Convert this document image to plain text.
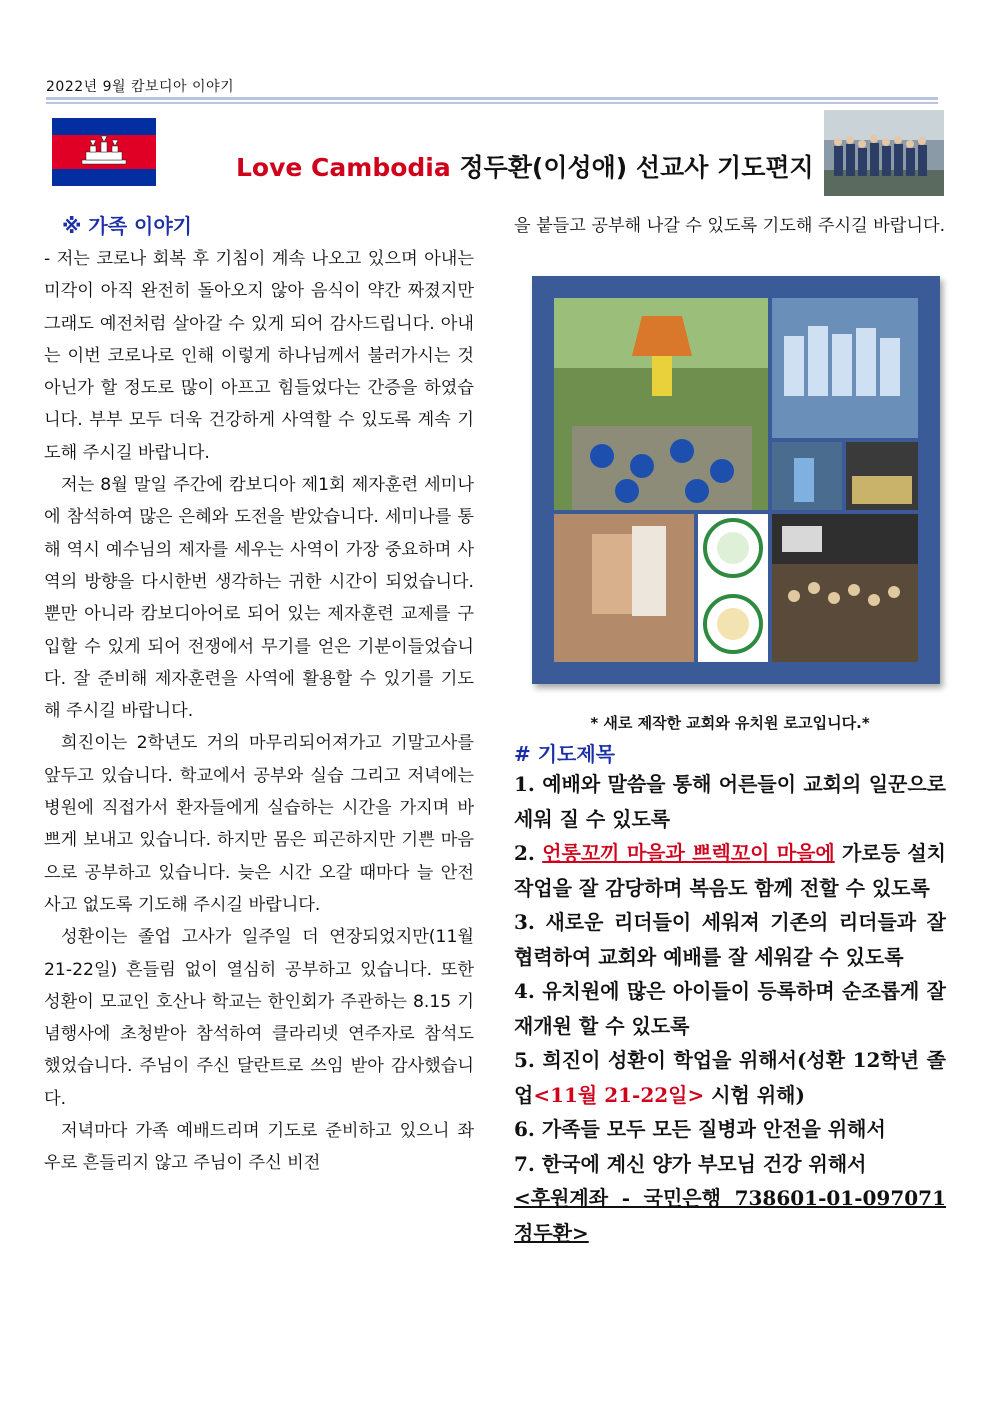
2022년 9월 캄보디아 이야기
Love Cambodia 정두환(이성애) 선교사 기도편지
※ 가족 이야기

- 저는 코로나 회복 후 기침이 계속 나오고 있으며 아내는 미각이 아직 완전히 돌아오지 않아 음식이 약간 짜졌지만 그래도 예전처럼 살아갈 수 있게 되어 감사드립니다. 아내는 이번 코로나로 인해 이렇게 하나님께서 불러가시는 것 아닌가 할 정도로 많이 아프고 힘들었다는 간증을 하였습니다. 부부 모두 더욱 건강하게 사역할 수 있도록 계속 기도해 주시길 바랍니다.

저는 8월 말일 주간에 캄보디아 제1회 제자훈련 세미나에 참석하여 많은 은혜와 도전을 받았습니다. 세미나를 통해 역시 예수님의 제자를 세우는 사역이 가장 중요하며 사역의 방향을 다시한번 생각하는 귀한 시간이 되었습니다. 뿐만 아니라 캄보디아어로 되어 있는 제자훈련 교제를 구입할 수 있게 되어 전쟁에서 무기를 얻은 기분이들었습니다. 잘 준비해 제자훈련을 사역에 활용할 수 있기를 기도해 주시길 바랍니다.

희진이는 2학년도 거의 마무리되어져가고 기말고사를 앞두고 있습니다. 학교에서 공부와 실습 그리고 저녁에는 병원에 직접가서 환자들에게 실습하는 시간을 가지며 바쁘게 보내고 있습니다. 하지만 몸은 피곤하지만 기쁜 마음으로 공부하고 있습니다. 늦은 시간 오갈 때마다 늘 안전사고 없도록 기도해 주시길 바랍니다.

성환이는 졸업 고사가 일주일 더 연장되었지만(11월 21-22일) 흔들림 없이 열심히 공부하고 있습니다. 또한 성환이 모교인 호산나 학교는 한인회가 주관하는 8.15 기념행사에 초청받아 참석하여 클라리넷 연주자로 참석도 했었습니다. 주님이 주신 달란트로 쓰임 받아 감사했습니다.

저녁마다 가족 예배드리며 기도로 준비하고 있으니 좌우로 흔들리지 않고 주님이 주신 비전

을 붙들고 공부해 나갈 수 있도록 기도해 주시길 바랍니다.

* 새로 제작한 교회와 유치원 로고입니다.*
# 기도제목

1. 예배와 말씀을 통해 어른들이 교회의 일꾼으로 세워 질 수 있도록

2. 언롱꼬끼 마을과 쁘렉꼬이 마을에 가로등 설치 작업을 잘 감당하며 복음도 함께 전할 수 있도록

3. 새로운 리더들이 세워져 기존의 리더들과 잘 협력하여 교회와 예배를 잘 세워갈 수 있도록

4. 유치원에 많은 아이들이 등록하며 순조롭게 잘 재개원 할 수 있도록

5. 희진이 성환이 학업을 위해서(성환 12학년 졸업<11월 21-22일> 시험 위해)

6. 가족들 모두 모든 질병과 안전을 위해서

7. 한국에 계신 양가 부모님 건강 위해서

<후원계좌 - 국민은행 738601-01-097071 정두환>
